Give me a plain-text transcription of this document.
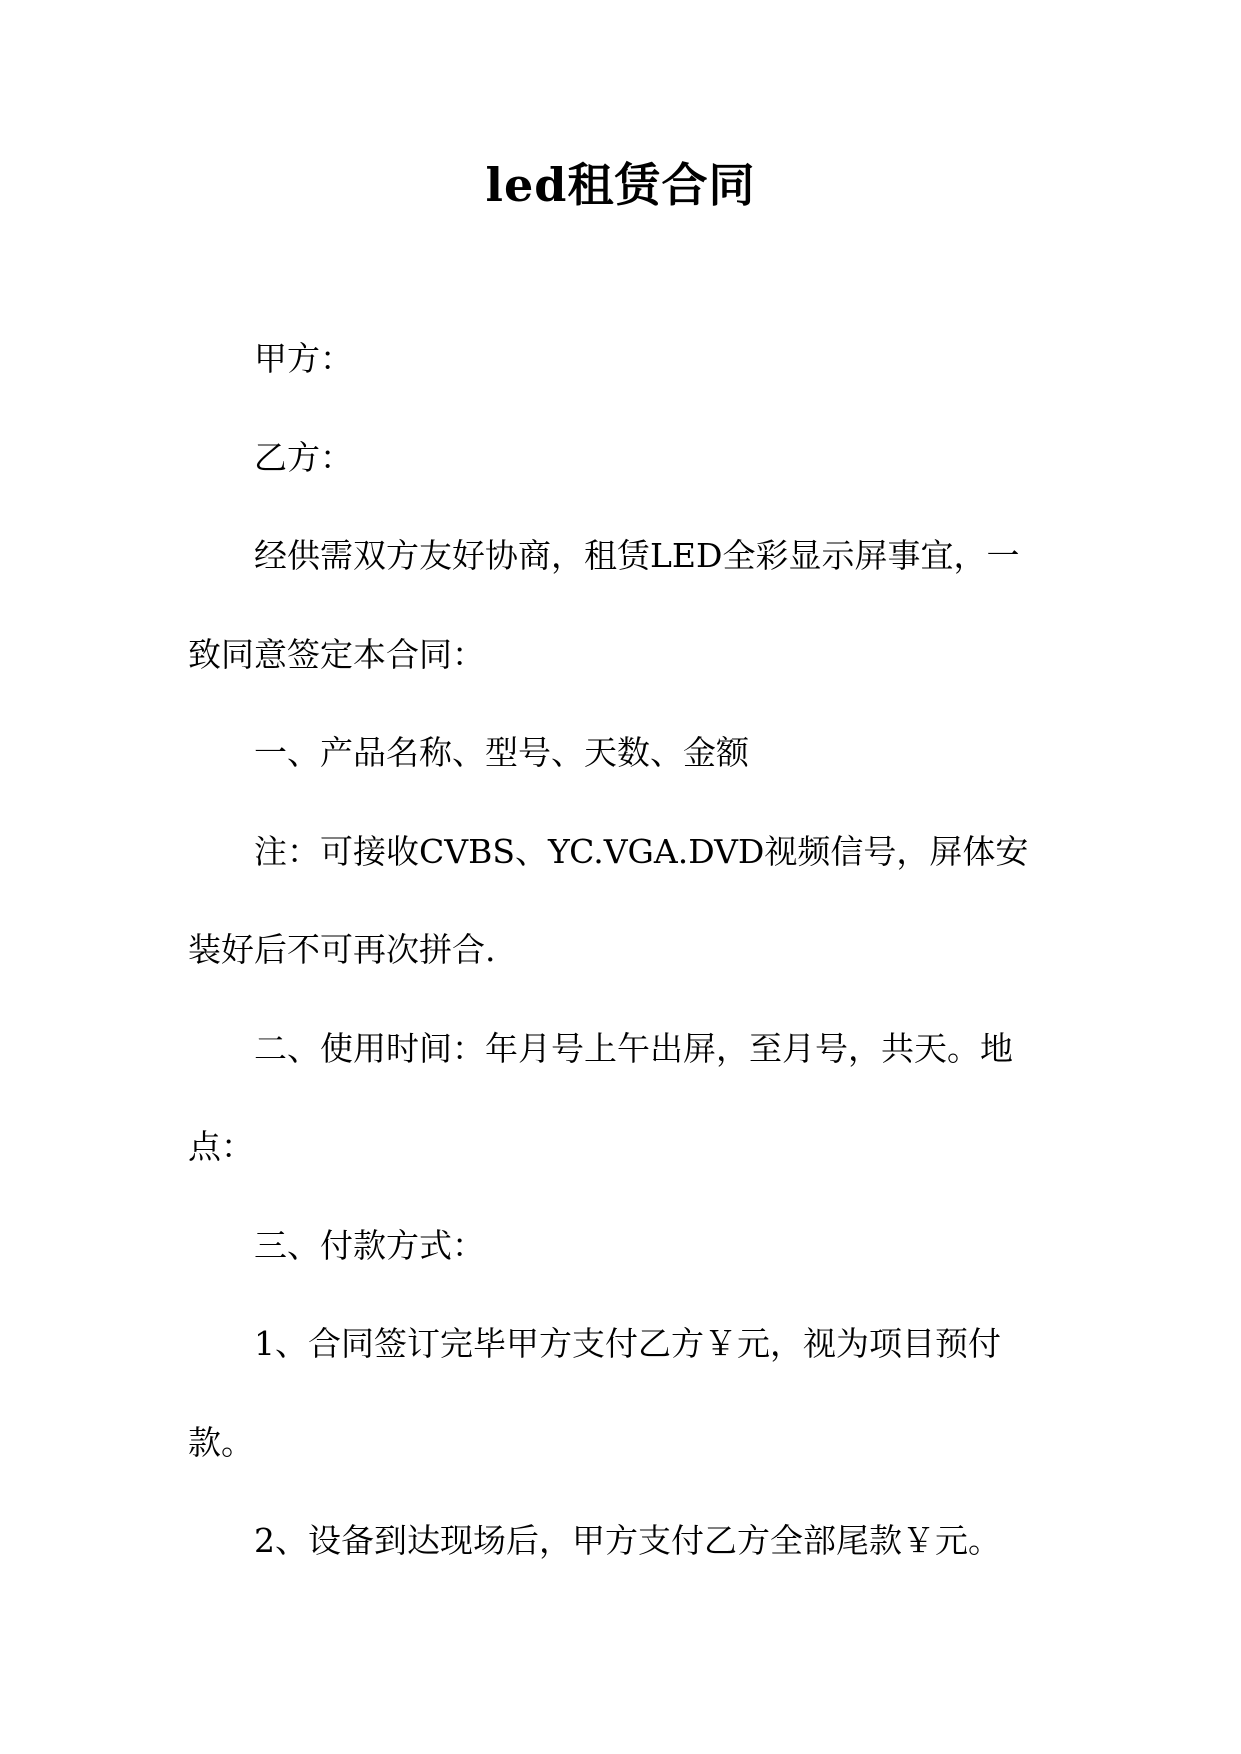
led租赁合同

甲方：

乙方：

经供需双方友好协商，租赁LED全彩显示屏事宜，一致同意签定本合同：

一、产品名称、型号、天数、金额

注：可接收CVBS、YC.VGA.DVD视频信号，屏体安装好后不可再次拼合.

二、使用时间：年月号上午出屏，至月号，共天。地点：

三、付款方式：

1、合同签订完毕甲方支付乙方￥元，视为项目预付款。

2、设备到达现场后，甲方支付乙方全部尾款￥元。
